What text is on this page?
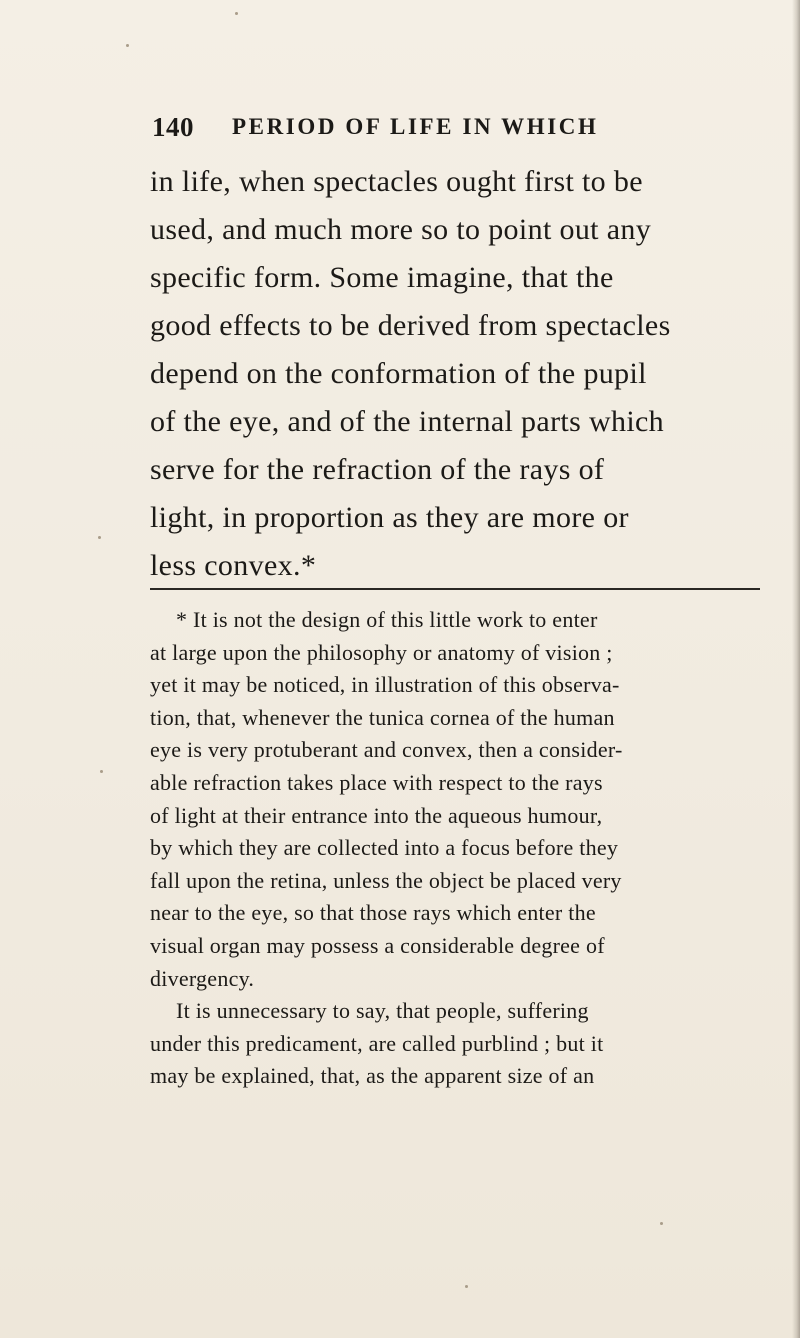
140 PERIOD OF LIFE IN WHICH
in life, when spectacles ought first to be
used, and much more so to point out any
specific form. Some imagine, that the
good effects to be derived from spectacles
depend on the conformation of the pupil
of the eye, and of the internal parts which
serve for the refraction of the rays of
light, in proportion as they are more or
less convex.*
* It is not the design of this little work to enter
at large upon the philosophy or anatomy of vision ;
yet it may be noticed, in illustration of this observa-
tion, that, whenever the tunica cornea of the human
eye is very protuberant and convex, then a consider-
able refraction takes place with respect to the rays
of light at their entrance into the aqueous humour,
by which they are collected into a focus before they
fall upon the retina, unless the object be placed very
near to the eye, so that those rays which enter the
visual organ may possess a considerable degree of
divergency.
It is unnecessary to say, that people, suffering
under this predicament, are called purblind ; but it
may be explained, that, as the apparent size of an
